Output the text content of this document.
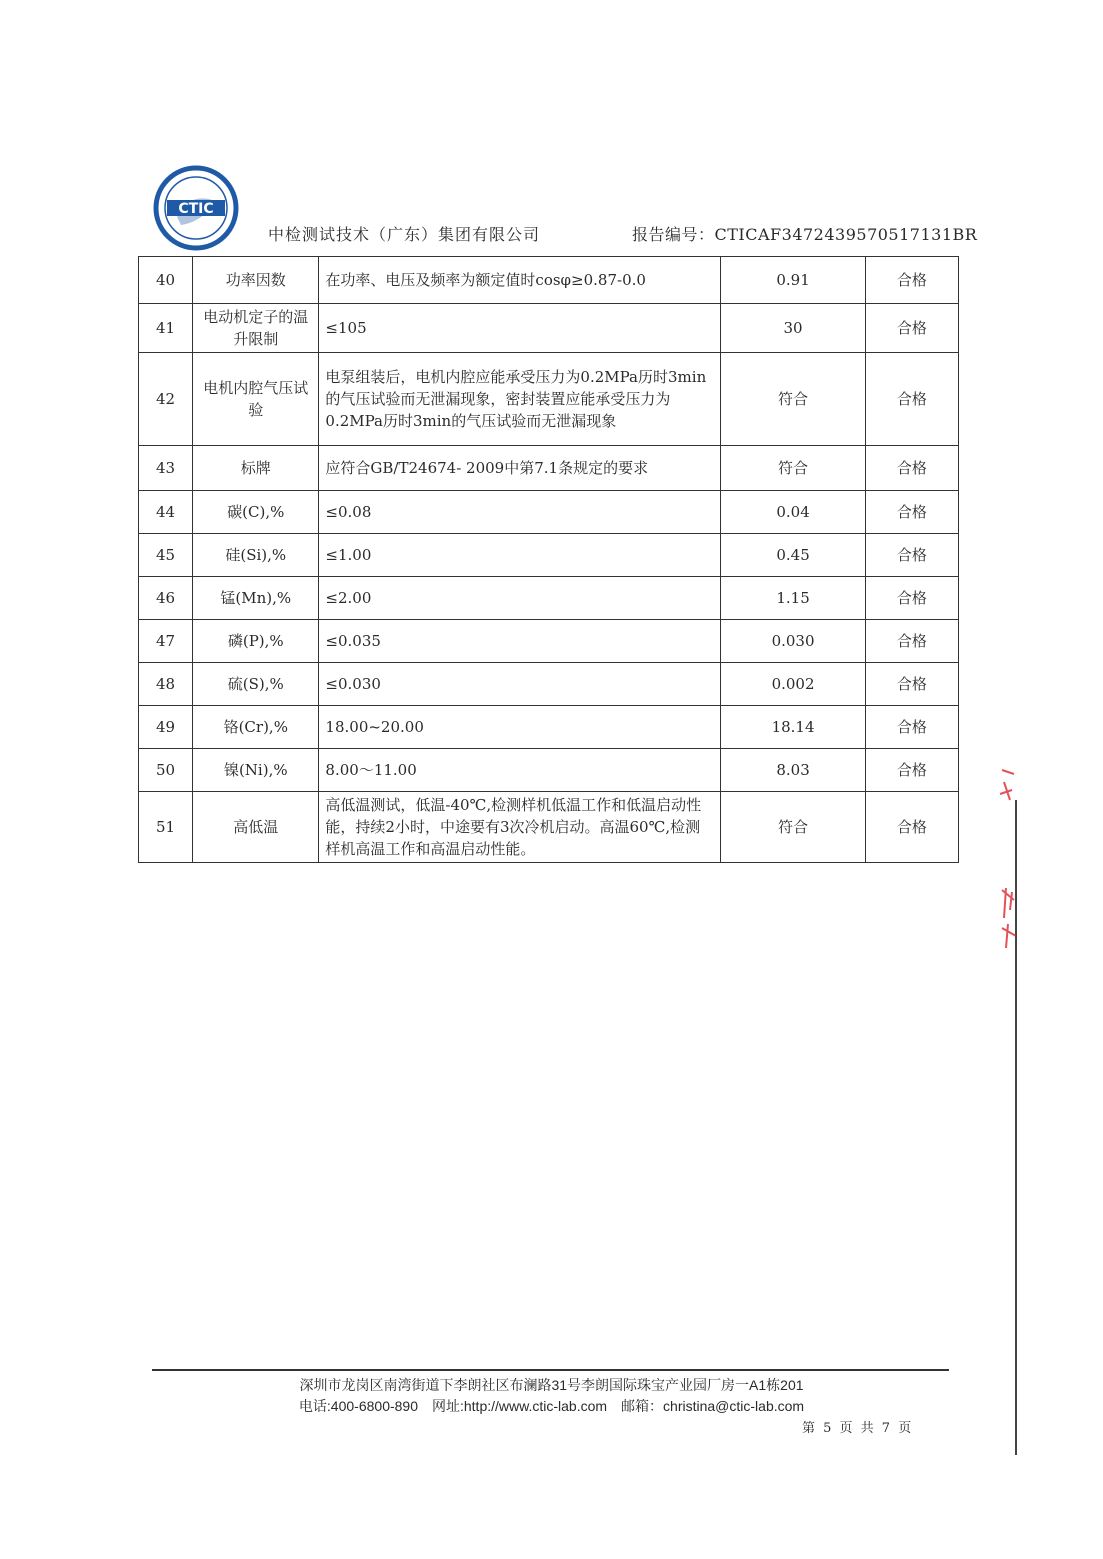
CTIC
中检测试技术（广东）集团有限公司	报告编号：CTICAF3472439570517131BR
40	功率因数	在功率、电压及频率为额定值时cosφ≥0.87-0.0	0.91	合格
41	电动机定子的温升限制	≤105	30	合格
42	电机内腔气压试验	电泵组装后，电机内腔应能承受压力为0.2MPa历时3min的气压试验而无泄漏现象，密封装置应能承受压力为0.2MPa历时3min的气压试验而无泄漏现象	符合	合格
43	标牌	应符合GB/T24674- 2009中第7.1条规定的要求	符合	合格
44	碳(C),%	≤0.08	0.04	合格
45	硅(Si),%	≤1.00	0.45	合格
46	锰(Mn),%	≤2.00	1.15	合格
47	磷(P),%	≤0.035	0.030	合格
48	硫(S),%	≤0.030	0.002	合格
49	铬(Cr),%	18.00~20.00	18.14	合格
50	镍(Ni),%	8.00～11.00	8.03	合格
51	高低温	高低温测试，低温-40℃,检测样机低温工作和低温启动性能，持续2小时，中途要有3次冷机启动。高温60℃,检测样机高温工作和高温启动性能。	符合	合格
深圳市龙岗区南湾街道下李朗社区布澜路31号李朗国际珠宝产业园厂房一A1栋201
电话:400-6800-890　网址:http://www.ctic-lab.com　邮箱：christina@ctic-lab.com
第 5 页 共 7 页
